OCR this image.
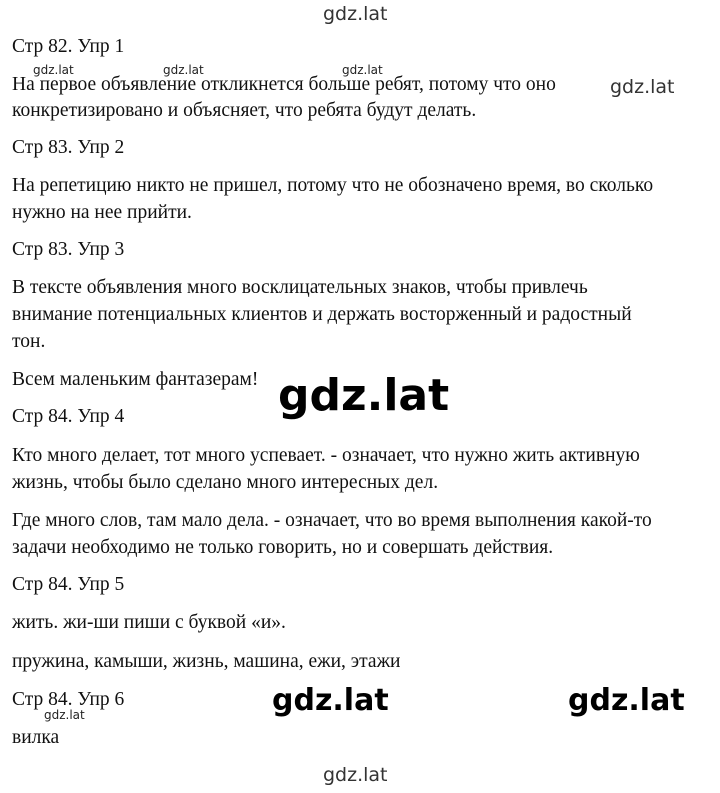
gdz.lat
gdz.lat	gdz.lat	gdz.lat
gdz.lat
gdz.lat
gdz.lat	gdz.lat
gdz.lat
gdz.lat
Стр 82. Упр 1
На первое объявление откликнется больше ребят, потому что оно
конкретизировано и объясняет, что ребята будут делать.
Стр 83. Упр 2
На репетицию никто не пришел, потому что не обозначено время, во сколько
нужно на нее прийти.
Стр 83. Упр 3
В тексте объявления много восклицательных знаков, чтобы привлечь
внимание потенциальных клиентов и держать восторженный и радостный
тон.
Всем маленьким фантазерам!
Стр 84. Упр 4
Кто много делает, тот много успевает. - означает, что нужно жить активную
жизнь, чтобы было сделано много интересных дел.
Где много слов, там мало дела. - означает, что во время выполнения какой-то
задачи необходимо не только говорить, но и совершать действия.
Стр 84. Упр 5
жить. жи-ши пиши с буквой «и».
пружина, камыши, жизнь, машина, ежи, этажи
Стр 84. Упр 6
вилка
